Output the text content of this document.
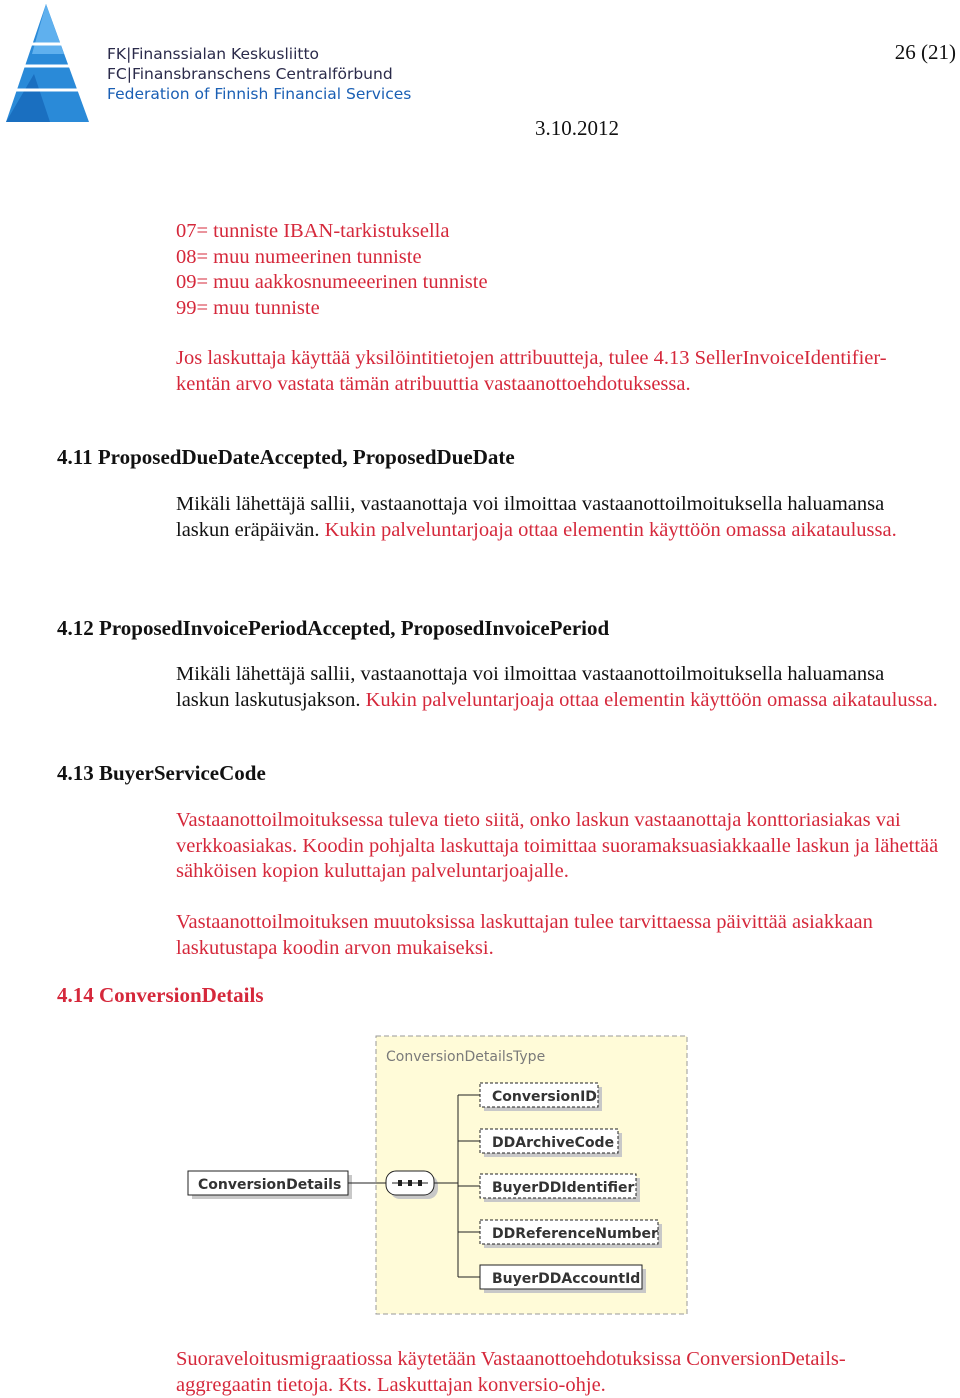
FK|Finanssialan Keskusliitto
FC|Finansbranschens Centralförbund
Federation of Finnish Financial Services
26 (21)
3.10.2012
07= tunniste IBAN-tarkistuksella
08= muu numeerinen tunniste
09= muu aakkosnumeeerinen tunniste
99= muu tunniste
Jos laskuttaja käyttää yksilöintitietojen attribuutteja, tulee 4.13 SellerInvoiceIdentifier-kentän arvo vastata tämän atribuuttia vastaanottoehdotuksessa.
4.11 ProposedDueDateAccepted, ProposedDueDate
Mikäli lähettäjä sallii, vastaanottaja voi ilmoittaa vastaanottoilmoituksella haluamansa laskun eräpäivän. Kukin palveluntarjoaja ottaa elementin käyttöön omassa aikataulussa.
4.12 ProposedInvoicePeriodAccepted, ProposedInvoicePeriod
Mikäli lähettäjä sallii, vastaanottaja voi ilmoittaa vastaanottoilmoituksella haluamansa laskun laskutusjakson. Kukin palveluntarjoaja ottaa elementin käyttöön omassa aikataulussa.
4.13 BuyerServiceCode
Vastaanottoilmoituksessa tuleva tieto siitä, onko laskun vastaanottaja konttoriasiakas vai verkkoasiakas. Koodin pohjalta laskuttaja toimittaa suoramaksuasiakkaalle laskun ja lähettää sähköisen kopion kuluttajan palveluntarjoajalle.
Vastaanottoilmoituksen muutoksissa laskuttajan tulee tarvittaessa päivittää asiakkaan laskutustapa koodin arvon mukaiseksi.
4.14 ConversionDetails
ConversionDetailsType
ConversionDetails
ConversionID
DDArchiveCode
BuyerDDIdentifier
DDReferenceNumber
BuyerDDAccountId
Suoraveloitusmigraatiossa käytetään Vastaanottoehdotuksissa ConversionDetails- aggregaatin tietoja. Kts. Laskuttajan konversio-ohje.
